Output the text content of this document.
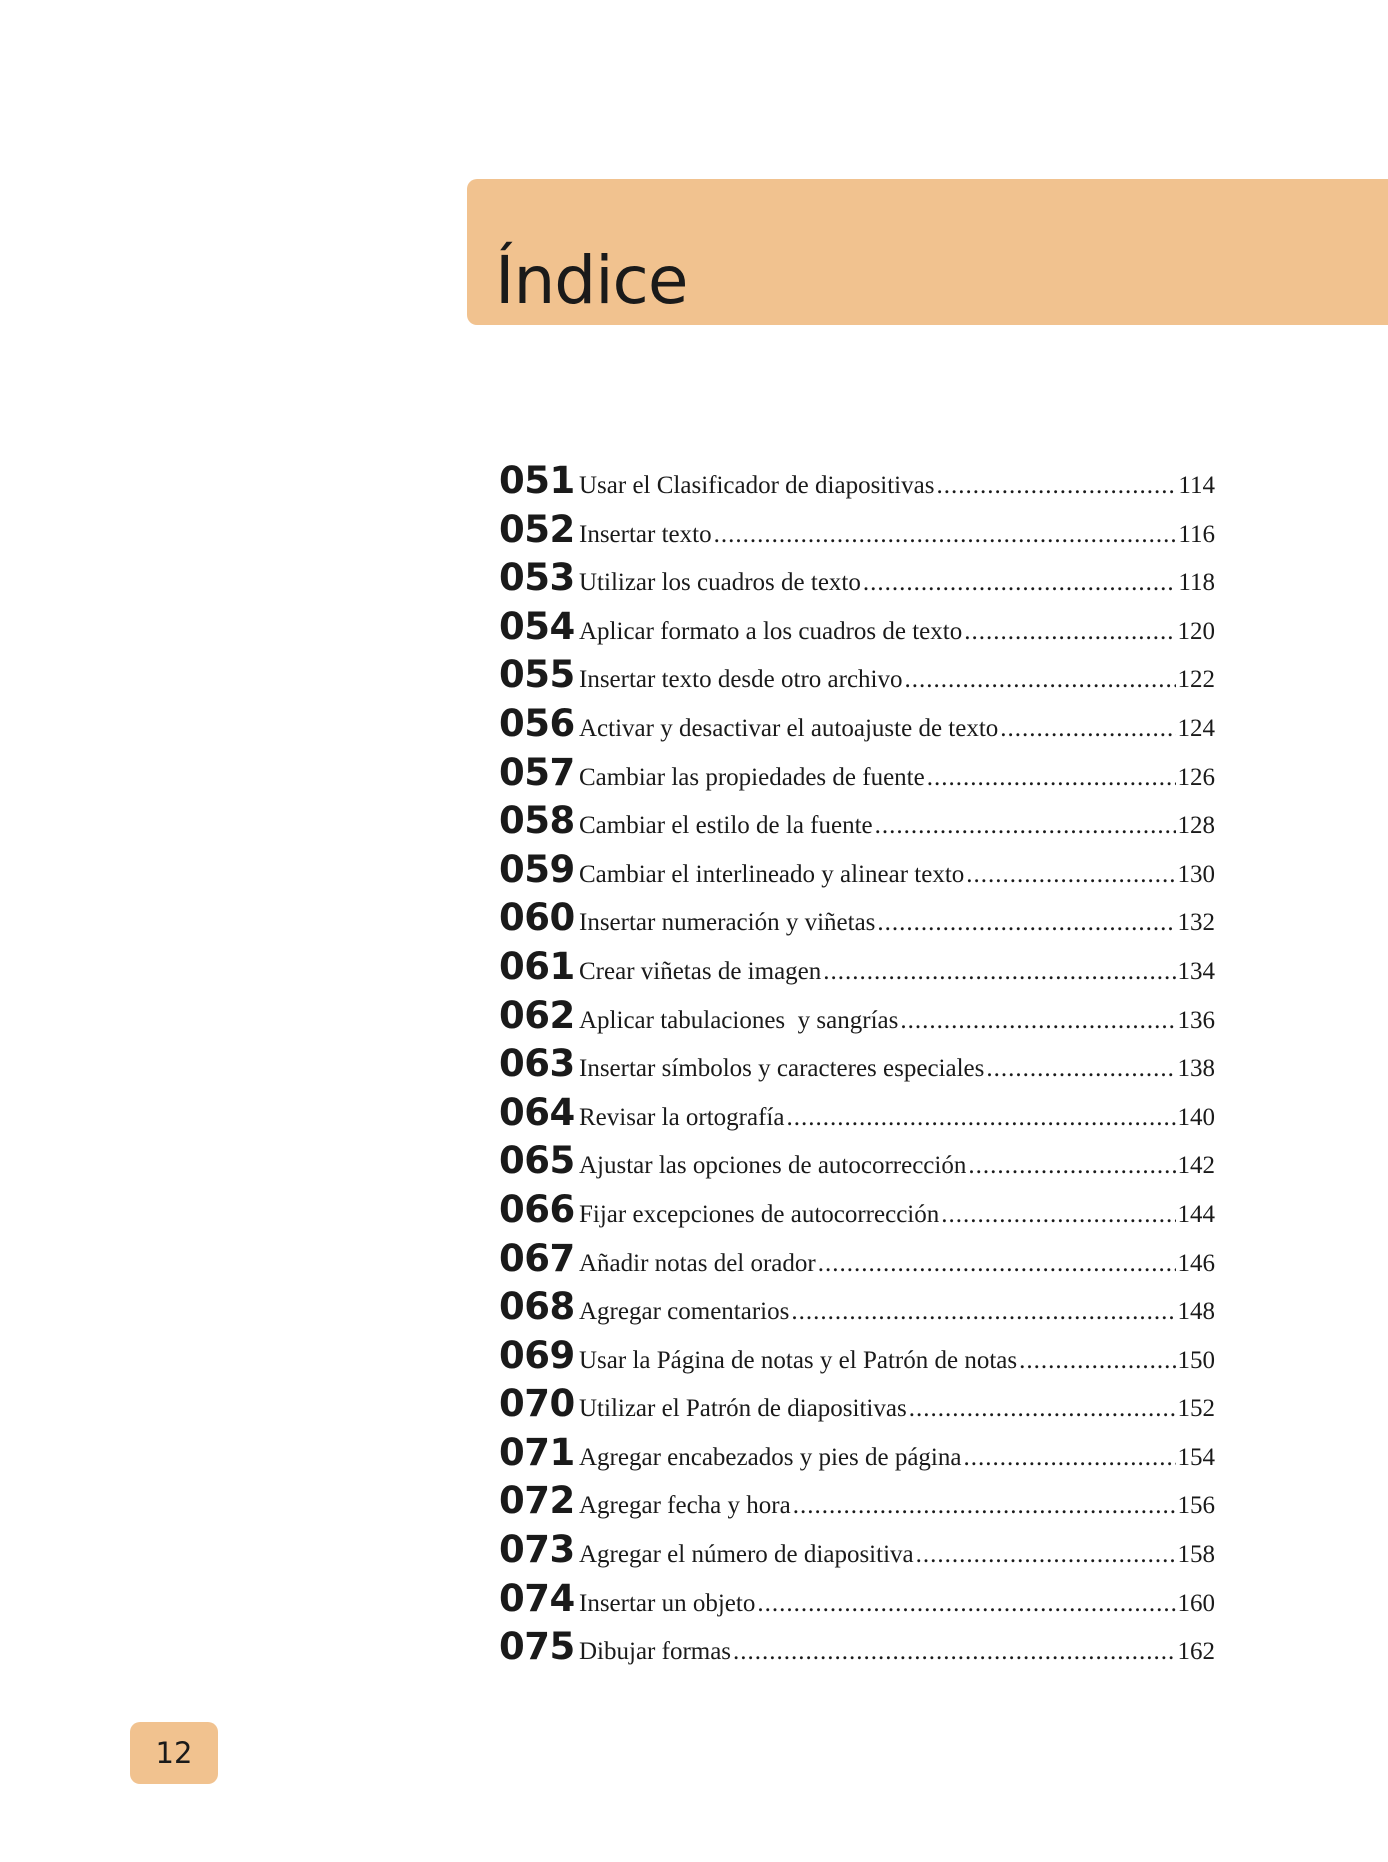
Índice
051 Usar el Clasificador de diapositivas .....	114
052 Insertar texto .....	116
053 Utilizar los cuadros de texto .....	118
054 Aplicar formato a los cuadros de texto .....	120
055 Insertar texto desde otro archivo .....	122
056 Activar y desactivar el autoajuste de texto .....	124
057 Cambiar las propiedades de fuente .....	126
058 Cambiar el estilo de la fuente .....	128
059 Cambiar el interlineado y alinear texto .....	130
060 Insertar numeración y viñetas .....	132
061 Crear viñetas de imagen .....	134
062 Aplicar tabulaciones  y sangrías .....	136
063 Insertar símbolos y caracteres especiales .....	138
064 Revisar la ortografía .....	140
065 Ajustar las opciones de autocorrección .....	142
066 Fijar excepciones de autocorrección .....	144
067 Añadir notas del orador .....	146
068 Agregar comentarios .....	148
069 Usar la Página de notas y el Patrón de notas .....	150
070 Utilizar el Patrón de diapositivas .....	152
071 Agregar encabezados y pies de página .....	154
072 Agregar fecha y hora .....	156
073 Agregar el número de diapositiva .....	158
074 Insertar un objeto .....	160
075 Dibujar formas .....	162
12
